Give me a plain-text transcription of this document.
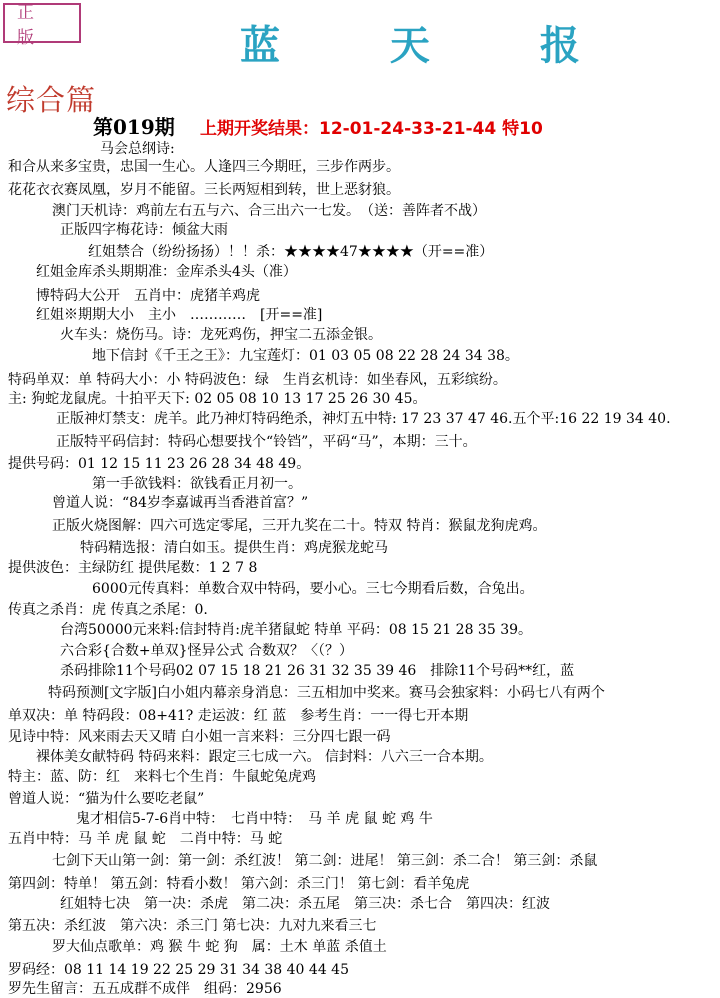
正 版	蓝 天 报
综合篇
第019期 上期开奖结果：12-01-24-33-21-44 特10
马会总纲诗:
和合从来多宝贵，忠国一生心。人逢四三今期旺，三步作两步。
花花衣衣赛凤凰，岁月不能留。三长两短相到转，世上恶豺狼。
澳门天机诗：鸡前左右五与六、合三出六一七发。　（送：善阵者不战）
正版四字梅花诗：倾盆大雨
红姐禁合（纷纷扬扬）！！杀：★★★★47★★★★（开==准）
红姐金库杀头期期准：金库杀头4头（准）
博特码大公开　五肖中：虎猪羊鸡虎
红姐※期期大小　主小　…………　[开==准]
火车头：烧伤马。诗：龙死鸡伤，押宝二五添金银。
地下信封《千王之王》：九宝莲灯：01 03 05 08 22 28 24 34 38。
特码单双：单 特码大小：小 特码波色：绿　生肖玄机诗：如坐春风，五彩缤纷。
主: 狗蛇龙鼠虎。十拍平天下: 02 05 08 10 13 17 25 26 30 45。
正版神灯禁支：虎羊。此乃神灯特码绝杀，神灯五中特: 17 23 37 47 46.五个平:16 22 19 34 40.
正版特平码信封：特码心想要找个“铃铛”，平码“马”，本期：三十。
提供号码：01 12 15 11 23 26 28 34 48 49。
第一手欲钱料：欲钱看正月初一。
曾道人说：“84岁李嘉诚再当香港首富？”
正版火烧图解：四六可选定零尾，三开九奖在二十。特双 特肖：猴鼠龙狗虎鸡。
特码精选报：清白如玉。提供生肖：鸡虎猴龙蛇马
提供波色：主绿防红 提供尾数：1 2 7 8
6000元传真料：单数合双中特码，要小心。三七今期看后数，合兔出。
传真之杀肖：虎 传真之杀尾：0.
台湾50000元来料:信封特肖:虎羊猪鼠蛇 特单 平码：08 15 21 28 35 39。
六合彩{合数+单双}怪异公式 合数双？〈（？）
杀码排除11个号码02 07 15 18 21 26 31 32 35 39 46　排除11个号码**红，蓝
特码预测[文字版]白小姐内幕亲身消息：三五相加中奖来。赛马会独家料：小码七八有两个
单双决：单 特码段：08+41? 走运波：红 蓝　参考生肖：一一得七开本期
见诗中特：风来雨去天又晴 白小姐一言来料：三分四七跟一码
裸体美女献特码 特码来料：跟定三七成一六。 信封料：八六三一合本期。
特主：蓝、防：红　来料七个生肖：牛鼠蛇兔虎鸡
曾道人说：“猫为什么要吃老鼠”
鬼才相信5-7-6肖中特：　七肖中特：　马 羊 虎 鼠 蛇 鸡 牛
五肖中特：马 羊 虎 鼠 蛇　二肖中特：马 蛇
七剑下天山第一剑：第一剑：杀红波！ 第二剑：进尾！ 第三剑：杀二合！ 第三剑：杀鼠
第四剑：特单！ 第五剑：特看小数！ 第六剑：杀三门！ 第七剑：看羊兔虎
红姐特七决　第一决：杀虎　第二决：杀五尾　第三决：杀七合　第四决：红波
第五决：杀红波　第六决：杀三门 第七决：九对九来看三七
罗大仙点歌单：鸡 猴 牛 蛇 狗　属：土木 单蓝 杀值土
罗码经：08 11 14 19 22 25 29 31 34 38 40 44 45
罗先生留言：五五成群不成伴　组码：2956
